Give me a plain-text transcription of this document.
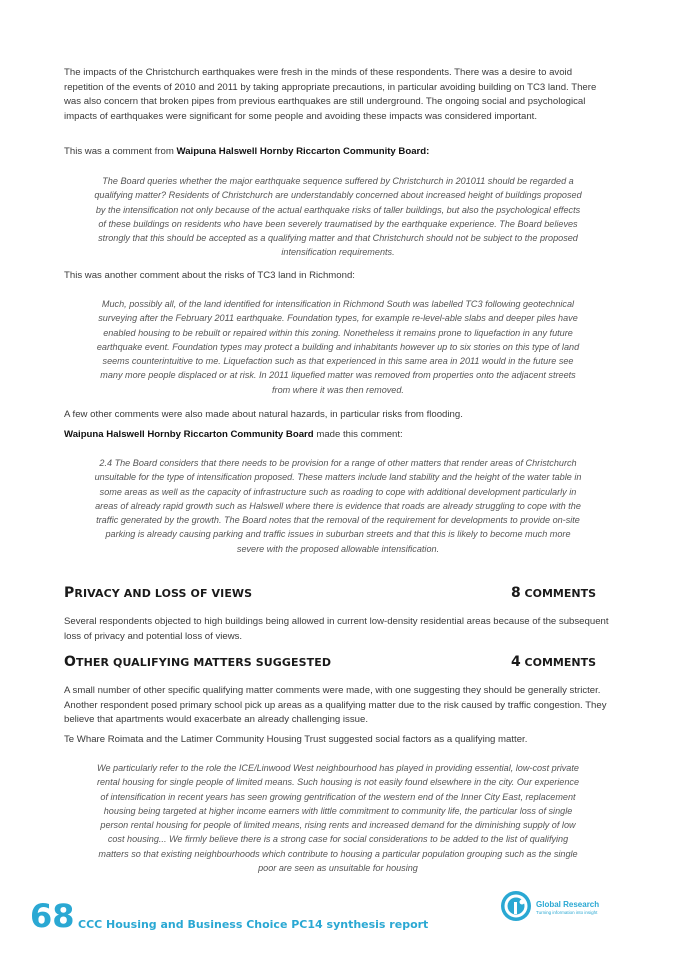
The impacts of the Christchurch earthquakes were fresh in the minds of these respondents. There was a desire to avoid repetition of the events of 2010 and 2011 by taking appropriate precautions, in particular avoiding building on TC3 land. There was also concern that broken pipes from previous earthquakes are still underground. The ongoing social and psychological impacts of earthquakes were significant for some people and avoiding these impacts was considered important.

This was a comment from Waipuna Halswell Hornby Riccarton Community Board:

The Board queries whether the major earthquake sequence suffered by Christchurch in 201011 should be regarded a qualifying matter? Residents of Christchurch are understandably concerned about increased height of buildings proposed by the intensification not only because of the actual earthquake risks of taller buildings, but also the psychological effects of these buildings on residents who have been severely traumatised by the earthquake experience. The Board believes strongly that this should be accepted as a qualifying matter and that Christchurch should not be subject to the proposed intensification requirements.

This was another comment about the risks of TC3 land in Richmond:

Much, possibly all, of the land identified for intensification in Richmond South was labelled TC3 following geotechnical surveying after the February 2011 earthquake. Foundation types, for example re-level-able slabs and deeper piles have enabled housing to be rebuilt or repaired within this zoning. Nonetheless it remains prone to liquefaction in any future earthquake event. Foundation types may protect a building and inhabitants however up to six stories on this type of land seems counterintuitive to me. Liquefaction such as that experienced in this same area in 2011 would in the future see many more people displaced or at risk. In 2011 liquefied matter was removed from properties onto the adjacent streets from where it was then removed.

A few other comments were also made about natural hazards, in particular risks from flooding.

Waipuna Halswell Hornby Riccarton Community Board made this comment:

2.4 The Board considers that there needs to be provision for a range of other matters that render areas of Christchurch unsuitable for the type of intensification proposed. These matters include land stability and the height of the water table in some areas as well as the capacity of infrastructure such as roading to cope with additional development particularly in areas of already rapid growth such as Halswell where there is evidence that roads are already struggling to cope with the traffic generated by the growth. The Board notes that the removal of the requirement for developments to provide on-site parking is already causing parking and traffic issues in suburban streets and that this is likely to become much more severe with the proposed allowable intensification.

PRIVACY AND LOSS OF VIEWS	8 COMMENTS

Several respondents objected to high buildings being allowed in current low-density residential areas because of the subsequent loss of privacy and potential loss of views.

OTHER QUALIFYING MATTERS SUGGESTED	4 COMMENTS

A small number of other specific qualifying matter comments were made, with one suggesting they should be generally stricter. Another respondent posed primary school pick up areas as a qualifying matter due to the risk caused by traffic congestion. They believe that apartments would exacerbate an already challenging issue.

Te Whare Roimata and the Latimer Community Housing Trust suggested social factors as a qualifying matter.

We particularly refer to the role the ICE/Linwood West neighbourhood has played in providing essential, low-cost private rental housing for single people of limited means. Such housing is not easily found elsewhere in the city. Our experience of intensification in recent years has seen growing gentrification of the western end of the Inner City East, replacement housing being targeted at higher income earners with little commitment to community life, the particular loss of single person rental housing for people of limited means, rising rents and increased demand for the diminishing supply of low cost housing... We firmly believe there is a strong case for social considerations to be added to the list of qualifying matters so that existing neighbourhoods which contribute to housing a particular population grouping such as the single poor are seen as unsuitable for housing

Global Research
Turning information into insight
68 CCC Housing and Business Choice PC14 synthesis report
